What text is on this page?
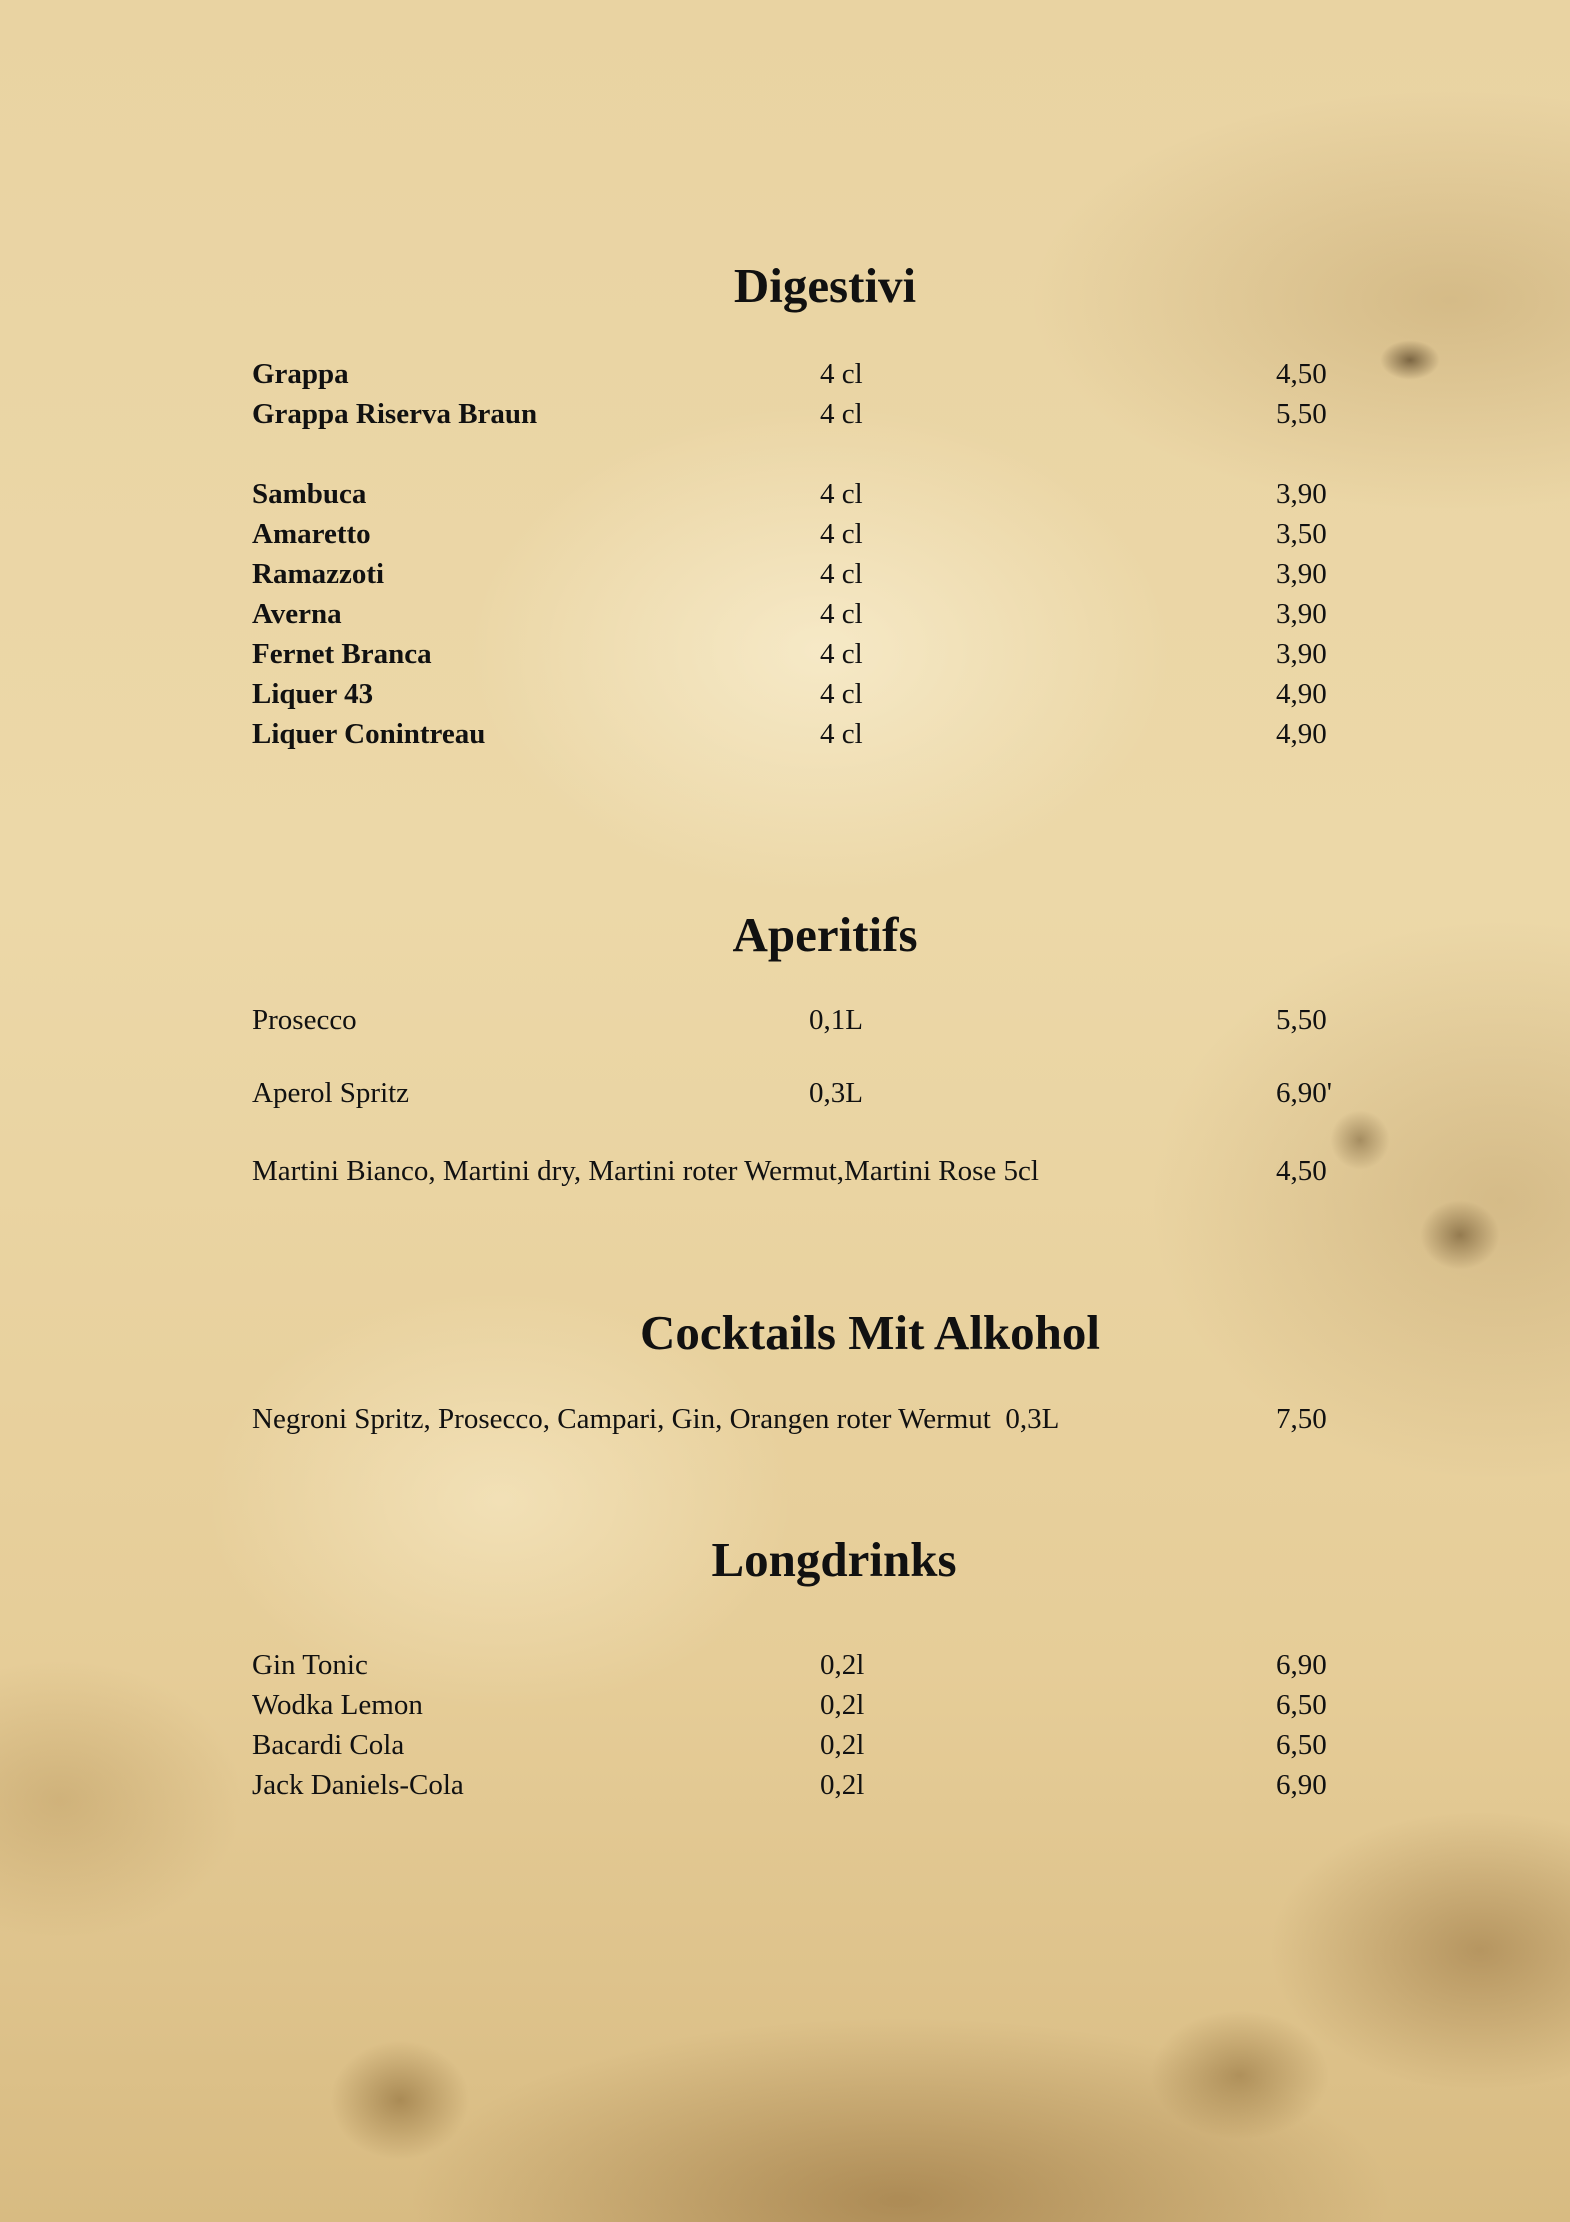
Digestivi
Grappa	4 cl	4,50
Grappa Riserva Braun	4 cl	5,50
Sambuca	4 cl	3,90
Amaretto	4 cl	3,50
Ramazzoti	4 cl	3,90
Averna	4 cl	3,90
Fernet Branca	4 cl	3,90
Liquer 43	4 cl	4,90
Liquer Conintreau	4 cl	4,90
Aperitifs
Prosecco	0,1L	5,50
Aperol Spritz	0,3L	6,90'
Martini Bianco, Martini dry, Martini roter Wermut,Martini Rose 5cl	4,50
Cocktails Mit Alkohol
Negroni Spritz, Prosecco, Campari, Gin, Orangen roter Wermut  0,3L	7,50
Longdrinks
Gin Tonic	0,2l	6,90
Wodka Lemon	0,2l	6,50
Bacardi Cola	0,2l	6,50
Jack Daniels-Cola	0,2l	6,90
